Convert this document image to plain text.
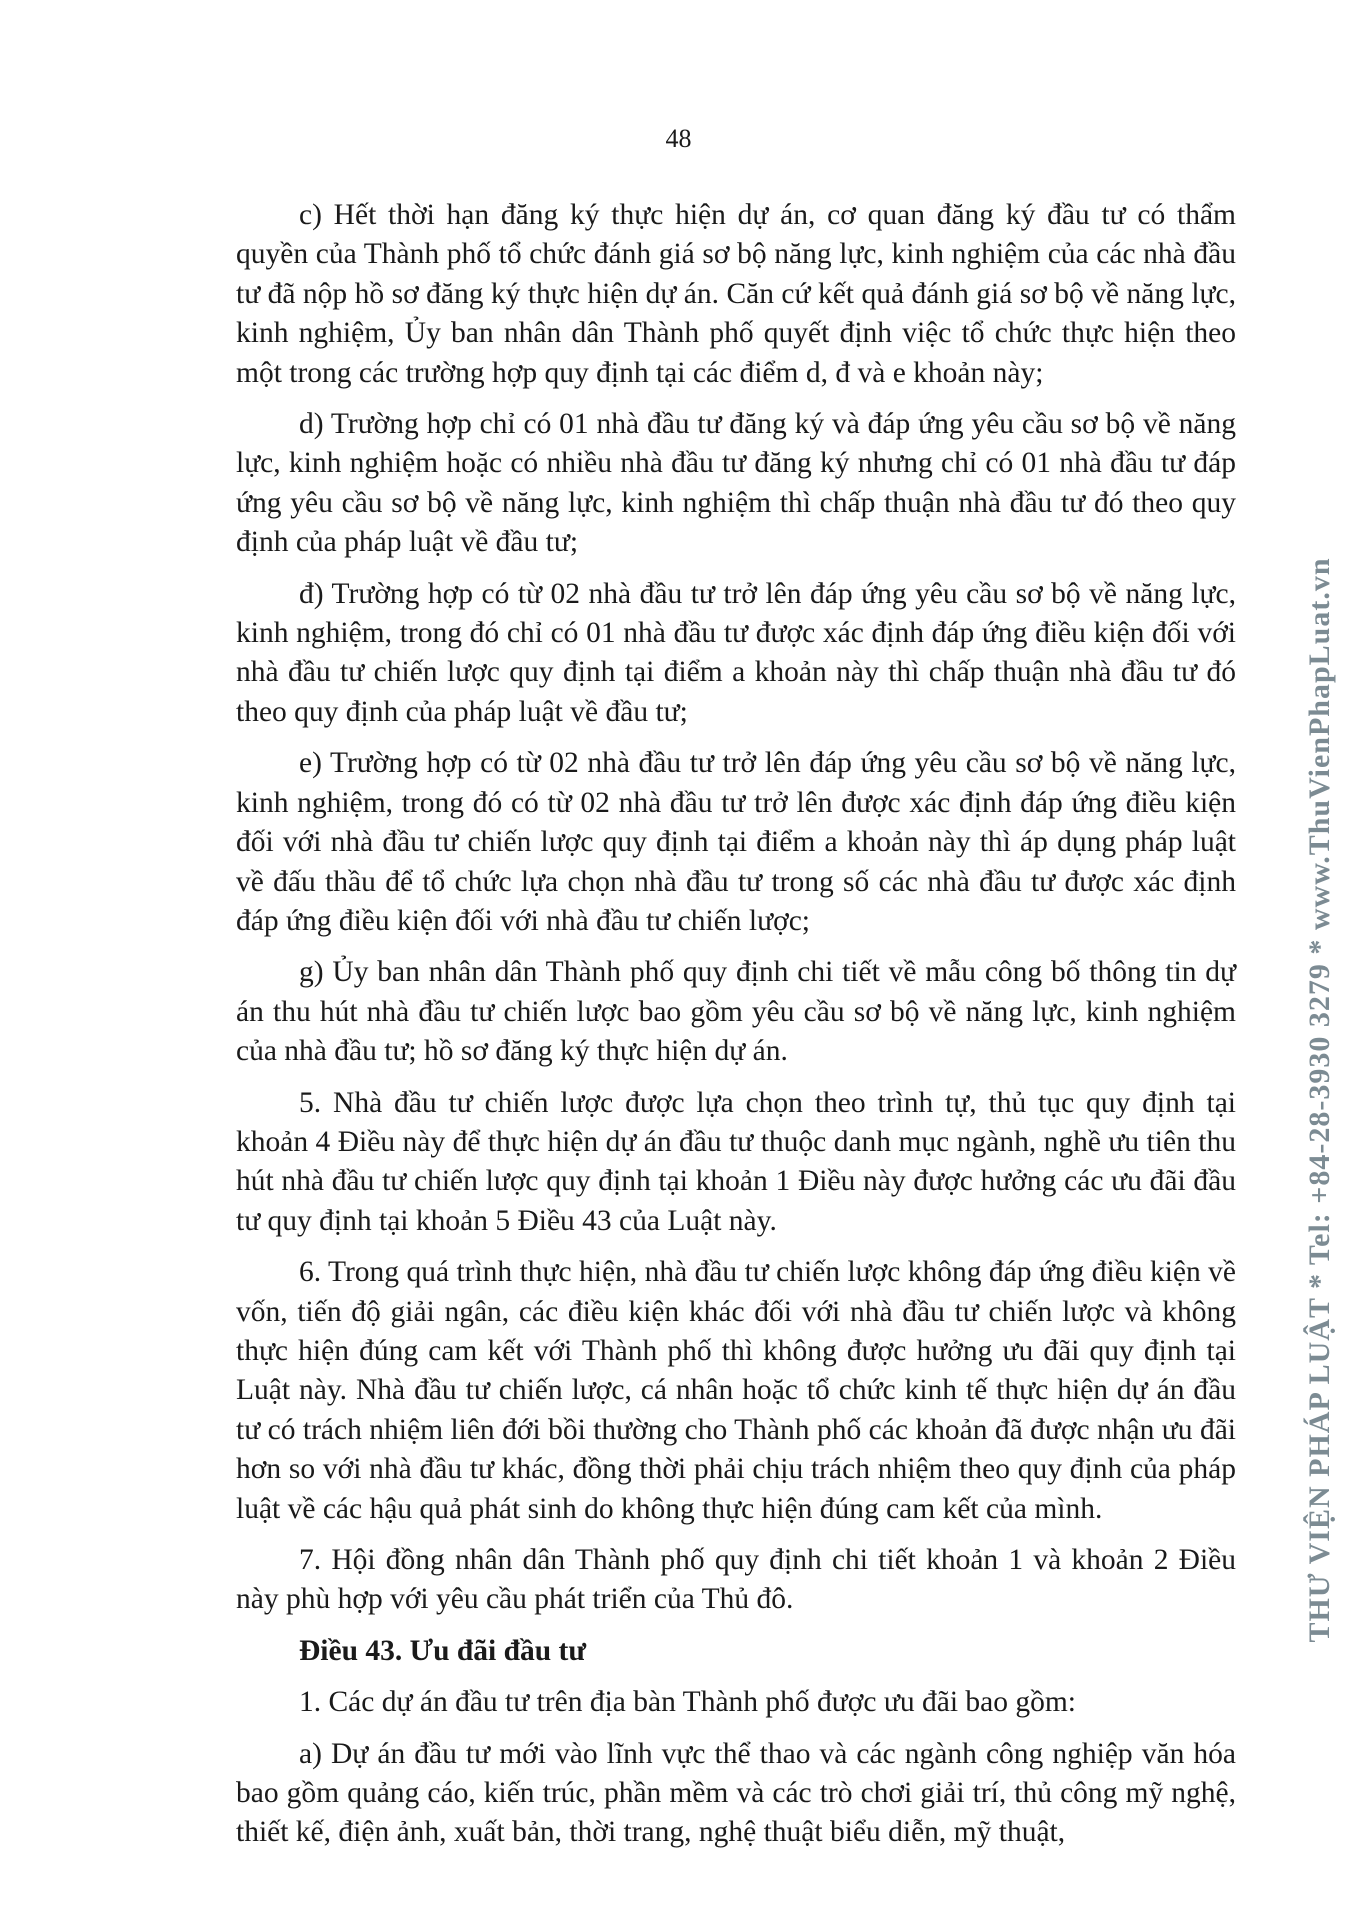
48

c) Hết thời hạn đăng ký thực hiện dự án, cơ quan đăng ký đầu tư có thẩm quyền của Thành phố tổ chức đánh giá sơ bộ năng lực, kinh nghiệm của các nhà đầu tư đã nộp hồ sơ đăng ký thực hiện dự án. Căn cứ kết quả đánh giá sơ bộ về năng lực, kinh nghiệm, Ủy ban nhân dân Thành phố quyết định việc tổ chức thực hiện theo một trong các trường hợp quy định tại các điểm d, đ và e khoản này;

d) Trường hợp chỉ có 01 nhà đầu tư đăng ký và đáp ứng yêu cầu sơ bộ về năng lực, kinh nghiệm hoặc có nhiều nhà đầu tư đăng ký nhưng chỉ có 01 nhà đầu tư đáp ứng yêu cầu sơ bộ về năng lực, kinh nghiệm thì chấp thuận nhà đầu tư đó theo quy định của pháp luật về đầu tư;

đ) Trường hợp có từ 02 nhà đầu tư trở lên đáp ứng yêu cầu sơ bộ về năng lực, kinh nghiệm, trong đó chỉ có 01 nhà đầu tư được xác định đáp ứng điều kiện đối với nhà đầu tư chiến lược quy định tại điểm a khoản này thì chấp thuận nhà đầu tư đó theo quy định của pháp luật về đầu tư;

e) Trường hợp có từ 02 nhà đầu tư trở lên đáp ứng yêu cầu sơ bộ về năng lực, kinh nghiệm, trong đó có từ 02 nhà đầu tư trở lên được xác định đáp ứng điều kiện đối với nhà đầu tư chiến lược quy định tại điểm a khoản này thì áp dụng pháp luật về đấu thầu để tổ chức lựa chọn nhà đầu tư trong số các nhà đầu tư được xác định đáp ứng điều kiện đối với nhà đầu tư chiến lược;

g) Ủy ban nhân dân Thành phố quy định chi tiết về mẫu công bố thông tin dự án thu hút nhà đầu tư chiến lược bao gồm yêu cầu sơ bộ về năng lực, kinh nghiệm của nhà đầu tư; hồ sơ đăng ký thực hiện dự án.

5. Nhà đầu tư chiến lược được lựa chọn theo trình tự, thủ tục quy định tại khoản 4 Điều này để thực hiện dự án đầu tư thuộc danh mục ngành, nghề ưu tiên thu hút nhà đầu tư chiến lược quy định tại khoản 1 Điều này được hưởng các ưu đãi đầu tư quy định tại khoản 5 Điều 43 của Luật này.

6. Trong quá trình thực hiện, nhà đầu tư chiến lược không đáp ứng điều kiện về vốn, tiến độ giải ngân, các điều kiện khác đối với nhà đầu tư chiến lược và không thực hiện đúng cam kết với Thành phố thì không được hưởng ưu đãi quy định tại Luật này. Nhà đầu tư chiến lược, cá nhân hoặc tổ chức kinh tế thực hiện dự án đầu tư có trách nhiệm liên đới bồi thường cho Thành phố các khoản đã được nhận ưu đãi hơn so với nhà đầu tư khác, đồng thời phải chịu trách nhiệm theo quy định của pháp luật về các hậu quả phát sinh do không thực hiện đúng cam kết của mình.

7. Hội đồng nhân dân Thành phố quy định chi tiết khoản 1 và khoản 2 Điều này phù hợp với yêu cầu phát triển của Thủ đô.

Điều 43. Ưu đãi đầu tư

1. Các dự án đầu tư trên địa bàn Thành phố được ưu đãi bao gồm:

a) Dự án đầu tư mới vào lĩnh vực thể thao và các ngành công nghiệp văn hóa bao gồm quảng cáo, kiến trúc, phần mềm và các trò chơi giải trí, thủ công mỹ nghệ, thiết kế, điện ảnh, xuất bản, thời trang, nghệ thuật biểu diễn, mỹ thuật,

THƯ VIỆN PHÁP LUẬT * Tel: +84-28-3930 3279 * www.ThuVienPhapLuat.vn
